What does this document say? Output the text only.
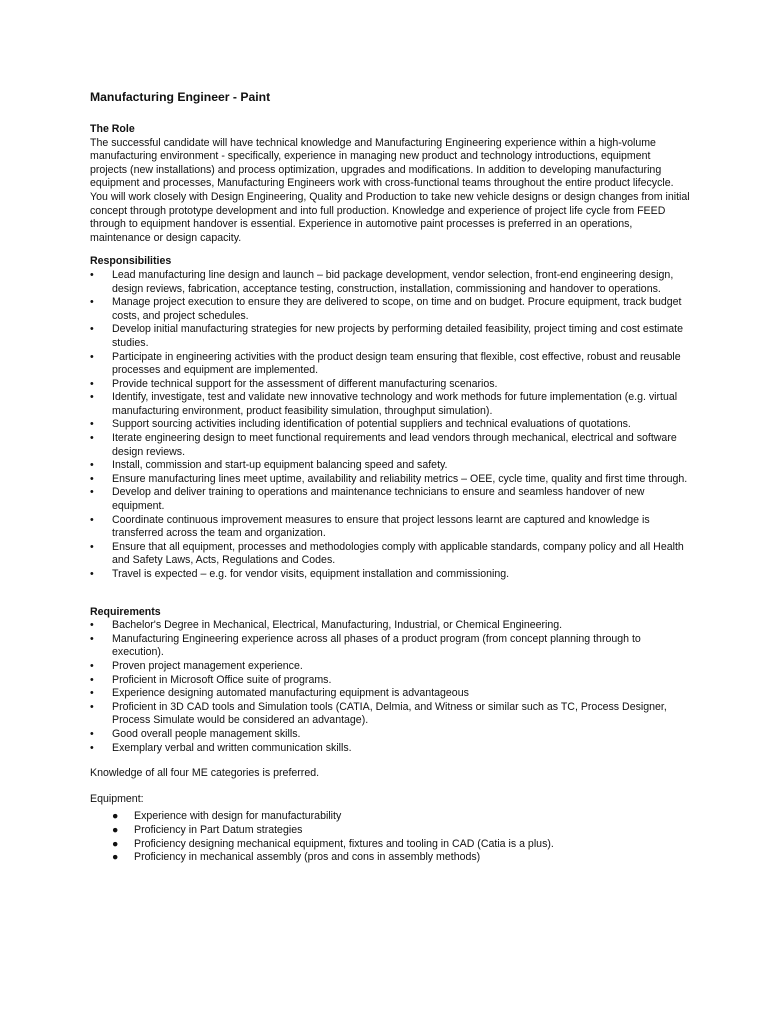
Manufacturing Engineer - Paint
The Role

The successful candidate will have technical knowledge and Manufacturing Engineering experience within a high-volume manufacturing environment - specifically, experience in managing new product and technology introductions, equipment projects (new installations) and process optimization, upgrades and modifications. In addition to developing manufacturing equipment and processes, Manufacturing Engineers work with cross-functional teams throughout the entire product lifecycle. You will work closely with Design Engineering, Quality and Production to take new vehicle designs or design changes from initial concept through prototype development and into full production. Knowledge and experience of project life cycle from FEED through to equipment handover is essential. Experience in automotive paint processes is preferred in an operations, maintenance or design capacity.

Responsibilities
• Lead manufacturing line design and launch – bid package development, vendor selection, front-end engineering design, design reviews, fabrication, acceptance testing, construction, installation, commissioning and handover to operations.
• Manage project execution to ensure they are delivered to scope, on time and on budget. Procure equipment, track budget costs, and project schedules.
• Develop initial manufacturing strategies for new projects by performing detailed feasibility, project timing and cost estimate studies.
• Participate in engineering activities with the product design team ensuring that flexible, cost effective, robust and reusable processes and equipment are implemented.
• Provide technical support for the assessment of different manufacturing scenarios.
• Identify, investigate, test and validate new innovative technology and work methods for future implementation (e.g. virtual manufacturing environment, product feasibility simulation, throughput simulation).
• Support sourcing activities including identification of potential suppliers and technical evaluations of quotations.
• Iterate engineering design to meet functional requirements and lead vendors through mechanical, electrical and software design reviews.
• Install, commission and start-up equipment balancing speed and safety.
• Ensure manufacturing lines meet uptime, availability and reliability metrics – OEE, cycle time, quality and first time through.
• Develop and deliver training to operations and maintenance technicians to ensure and seamless handover of new equipment.
• Coordinate continuous improvement measures to ensure that project lessons learnt are captured and knowledge is transferred across the team and organization.
• Ensure that all equipment, processes and methodologies comply with applicable standards, company policy and all Health and Safety Laws, Acts, Regulations and Codes.
• Travel is expected – e.g. for vendor visits, equipment installation and commissioning.
Requirements
• Bachelor's Degree in Mechanical, Electrical, Manufacturing, Industrial, or Chemical Engineering.
• Manufacturing Engineering experience across all phases of a product program (from concept planning through to execution).
• Proven project management experience.
• Proficient in Microsoft Office suite of programs.
• Experience designing automated manufacturing equipment is advantageous
• Proficient in 3D CAD tools and Simulation tools (CATIA, Delmia, and Witness or similar such as TC, Process Designer, Process Simulate would be considered an advantage).
• Good overall people management skills.
• Exemplary verbal and written communication skills.

Knowledge of all four ME categories is preferred.

Equipment:

● Experience with design for manufacturability
● Proficiency in Part Datum strategies
● Proficiency designing mechanical equipment, fixtures and tooling in CAD (Catia is a plus).
● Proficiency in mechanical assembly (pros and cons in assembly methods)
